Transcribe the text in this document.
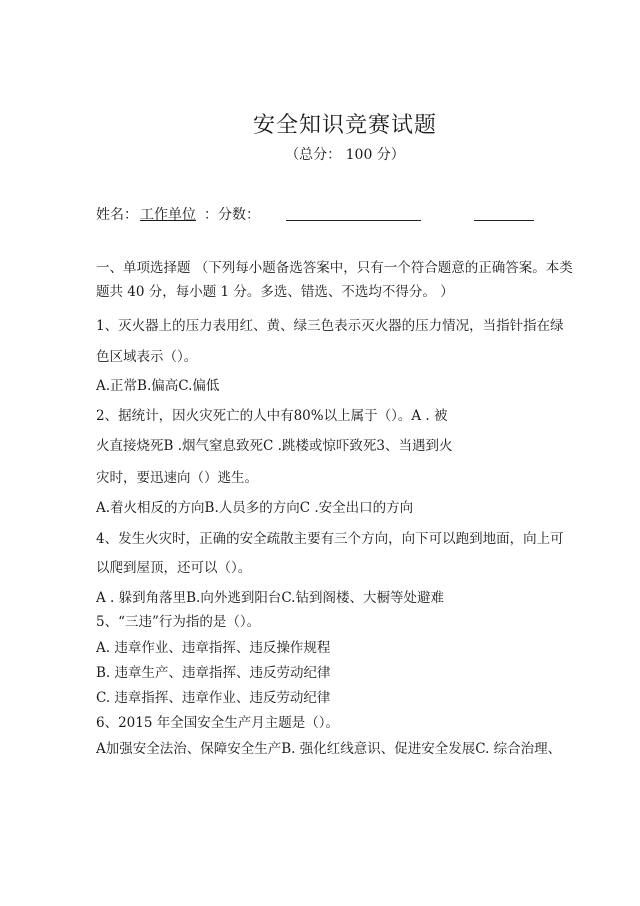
安全知识竞赛试题
（总分： 100 分）
姓名： 工作单位 ：分数：
一、单项选择题 （下列每小题备选答案中，只有一个符合题意的正确答案。本类
题共 40 分，每小题 1 分。多选、错选、不选均不得分。 ）
1、灭火器上的压力表用红、黄、绿三色表示灭火器的压力情况，当指针指在绿
色区域表示（）。
A.正常B.偏高C.偏低
2、据统计，因火灾死亡的人中有80%以上属于（）。A . 被
火直接烧死B .烟气窒息致死C .跳楼或惊吓致死3、当遇到火
灾时，要迅速向（）逃生。
A.着火相反的方向B.人员多的方向C .安全出口的方向
4、发生火灾时，正确的安全疏散主要有三个方向，向下可以跑到地面，向上可
以爬到屋顶，还可以（）。
A . 躲到角落里B.向外逃到阳台C.钻到阁楼、大橱等处避难
5、“三违”行为指的是（）。
A. 违章作业、违章指挥、违反操作规程
B. 违章生产、违章指挥、违反劳动纪律
C. 违章指挥、违章作业、违反劳动纪律
6、2015 年全国安全生产月主题是（）。
A加强安全法治、保障安全生产B. 强化红线意识、促进安全发展C. 综合治理、
